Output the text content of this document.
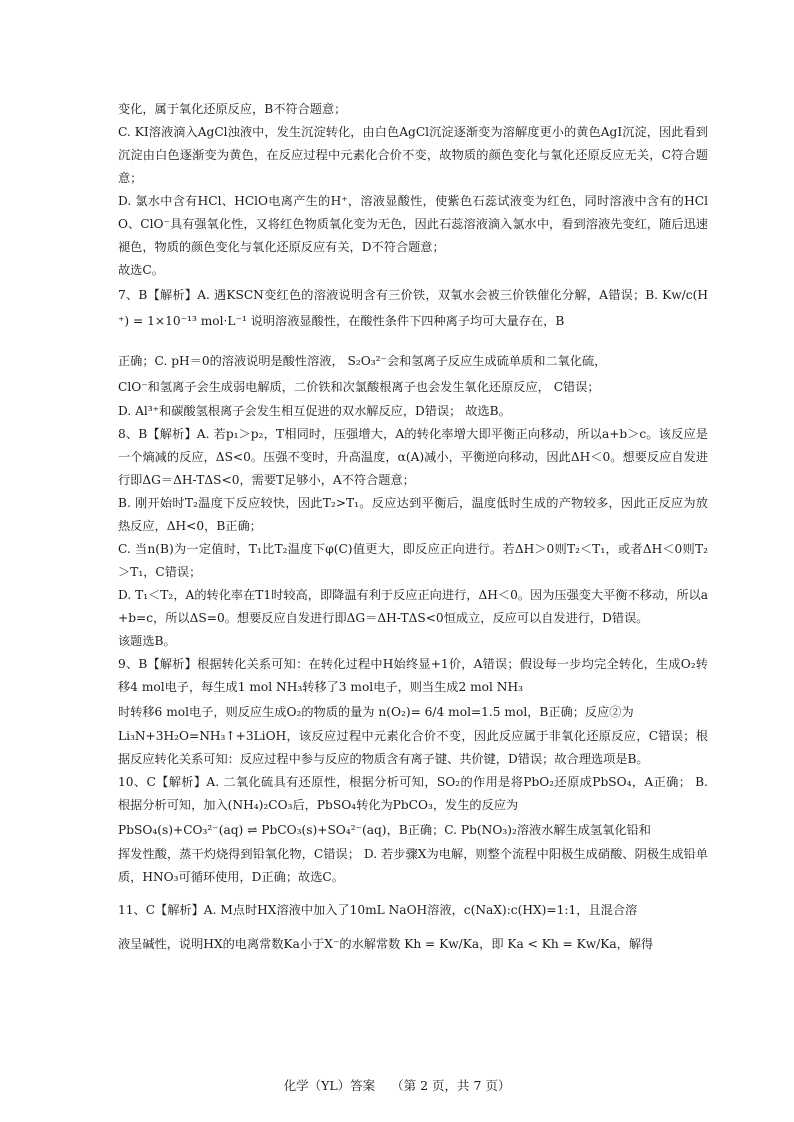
变化，属于氧化还原反应，B不符合题意；

C. KI溶液滴入AgCl浊液中，发生沉淀转化，由白色AgCl沉淀逐渐变为溶解度更小的黄色AgI沉淀，因此看到沉淀由白色逐渐变为黄色，在反应过程中元素化合价不变，故物质的颜色变化与氧化还原反应无关，C符合题意；

D. 氯水中含有HCl、HClO电离产生的H⁺，溶液显酸性，使紫色石蕊试液变为红色，同时溶液中含有的HClO、ClO⁻具有强氧化性，又将红色物质氧化变为无色，因此石蕊溶液滴入氯水中，看到溶液先变红，随后迅速褪色，物质的颜色变化与氧化还原反应有关，D不符合题意；

故选C。

7、B【解析】A. 遇KSCN变红色的溶液说明含有三价铁，双氧水会被三价铁催化分解，A错误；B. Kw/c(H⁺) = 1×10⁻¹³ mol·L⁻¹ 说明溶液显酸性，在酸性条件下四种离子均可大量存在，B

正确；C. pH＝0的溶液说明是酸性溶液， S₂O₃²⁻会和氢离子反应生成硫单质和二氧化硫，

ClO⁻和氢离子会生成弱电解质，二价铁和次氯酸根离子也会发生氧化还原反应， C错误；

D. Al³⁺和碳酸氢根离子会发生相互促进的双水解反应，D错误； 故选B。

8、B【解析】A. 若p₁＞p₂，T相同时，压强增大，A的转化率增大即平衡正向移动，所以a+b＞c。该反应是一个熵减的反应，ΔS<0。压强不变时，升高温度，α(A)减小，平衡逆向移动，因此ΔH＜0。想要反应自发进行即ΔG＝ΔH-TΔS<0，需要T足够小，A不符合题意；

B. 刚开始时T₂温度下反应较快，因此T₂>T₁。反应达到平衡后，温度低时生成的产物较多，因此正反应为放热反应，ΔH<0，B正确；

C. 当n(B)为一定值时，T₁比T₂温度下φ(C)值更大，即反应正向进行。若ΔH＞0则T₂＜T₁，或者ΔH＜0则T₂＞T₁，C错误；

D. T₁＜T₂，A的转化率在T1时较高，即降温有利于反应正向进行，ΔH＜0。因为压强变大平衡不移动，所以a+b=c，所以ΔS=0。想要反应自发进行即ΔG＝ΔH-TΔS<0恒成立，反应可以自发进行，D错误。

该题选B。

9、B【解析】根据转化关系可知：在转化过程中H始终显+1价，A错误；假设每一步均完全转化，生成O₂转移4 mol电子，每生成1 mol NH₃转移了3 mol电子，则当生成2 mol NH₃

时转移6 mol电子，则反应生成O₂的物质的量为 n(O₂)= 6/4 mol=1.5 mol，B正确；反应②为

Li₃N+3H₂O=NH₃↑+3LiOH，该反应过程中元素化合价不变，因此反应属于非氧化还原反应，C错误；根据反应转化关系可知：反应过程中参与反应的物质含有离子键、共价键，D错误；故合理选项是B。

10、C【解析】A. 二氧化硫具有还原性，根据分析可知，SO₂的作用是将PbO₂还原成PbSO₄，A正确； B. 根据分析可知，加入(NH₄)₂CO₃后，PbSO₄转化为PbCO₃，发生的反应为

PbSO₄(s)+CO₃²⁻(aq) ⇌ PbCO₃(s)+SO₄²⁻(aq)，B正确；C. Pb(NO₃)₂溶液水解生成氢氧化铅和

挥发性酸，蒸干灼烧得到铅氧化物，C错误； D. 若步骤X为电解，则整个流程中阳极生成硝酸、阴极生成铅单质，HNO₃可循环使用，D正确；故选C。

11、C【解析】A. M点时HX溶液中加入了10mL NaOH溶液，c(NaX):c(HX)=1:1，且混合溶

液呈碱性，说明HX的电离常数Ka小于X⁻的水解常数 Kh = Kw/Ka，即 Ka < Kh = Kw/Ka，解得

化学（YL）答案 （第 2 页，共 7 页）
